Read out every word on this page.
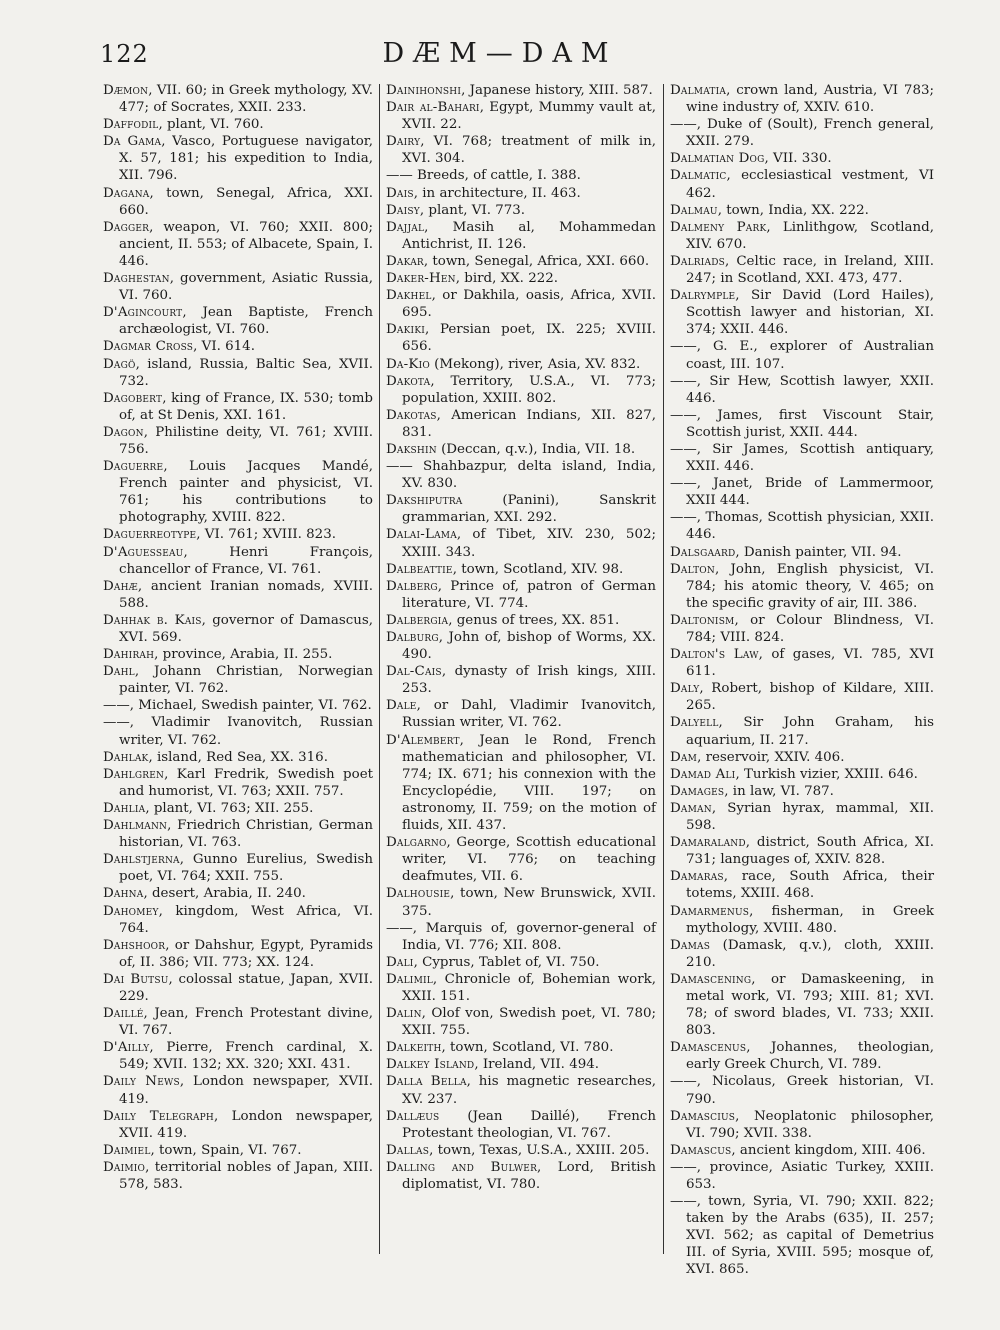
122	DÆM—DAM

Dæmon, VII. 60; in Greek mythology, XV. 477; of Socrates, XXII. 233.

Daffodil, plant, VI. 760.

Da Gama, Vasco, Portuguese navigator, X. 57, 181; his expedition to India, XII. 796.

Dagana, town, Senegal, Africa, XXI. 660.

Dagger, weapon, VI. 760; XXII. 800; ancient, II. 553; of Albacete, Spain, I. 446.

Daghestan, government, Asiatic Russia, VI. 760.

D'Agincourt, Jean Baptiste, French archæologist, VI. 760.

Dagmar Cross, VI. 614.

Dagö, island, Russia, Baltic Sea, XVII. 732.

Dagobert, king of France, IX. 530; tomb of, at St Denis, XXI. 161.

Dagon, Philistine deity, VI. 761; XVIII. 756.

Daguerre, Louis Jacques Mandé, French painter and physicist, VI. 761; his contributions to photography, XVIII. 822.

Daguerreotype, VI. 761; XVIII. 823.

D'Aguesseau, Henri François, chancellor of France, VI. 761.

Dahæ, ancient Iranian nomads, XVIII. 588.

Dahhak b. Kais, governor of Damascus, XVI. 569.

Dahirah, province, Arabia, II. 255.

Dahl, Johann Christian, Norwegian painter, VI. 762.

——, Michael, Swedish painter, VI. 762.

——, Vladimir Ivanovitch, Russian writer, VI. 762.

Dahlak, island, Red Sea, XX. 316.

Dahlgren, Karl Fredrik, Swedish poet and humorist, VI. 763; XXII. 757.

Dahlia, plant, VI. 763; XII. 255.

Dahlmann, Friedrich Christian, German historian, VI. 763.

Dahlstjerna, Gunno Eurelius, Swedish poet, VI. 764; XXII. 755.

Dahna, desert, Arabia, II. 240.

Dahomey, kingdom, West Africa, VI. 764.

Dahshoor, or Dahshur, Egypt, Pyramids of, II. 386; VII. 773; XX. 124.

Dai Butsu, colossal statue, Japan, XVII. 229.

Daillé, Jean, French Protestant divine, VI. 767.

D'Ailly, Pierre, French cardinal, X. 549; XVII. 132; XX. 320; XXI. 431.

Daily News, London newspaper, XVII. 419.

Daily Telegraph, London newspaper, XVII. 419.

Daimiel, town, Spain, VI. 767.

Daimio, territorial nobles of Japan, XIII. 578, 583.

Dainihonshi, Japanese history, XIII. 587.

Dair al-Bahari, Egypt, Mummy vault at, XVII. 22.

Dairy, VI. 768; treatment of milk in, XVI. 304.

—— Breeds, of cattle, I. 388.

Dais, in architecture, II. 463.

Daisy, plant, VI. 773.

Dajjal, Masih al, Mohammedan Antichrist, II. 126.

Dakar, town, Senegal, Africa, XXI. 660.

Daker-Hen, bird, XX. 222.

Dakhel, or Dakhila, oasis, Africa, XVII. 695.

Dakiki, Persian poet, IX. 225; XVIII. 656.

Da-Kio (Mekong), river, Asia, XV. 832.

Dakota, Territory, U.S.A., VI. 773; population, XXIII. 802.

Dakotas, American Indians, XII. 827, 831.

Dakshin (Deccan, q.v.), India, VII. 18.

—— Shahbazpur, delta island, India, XV. 830.

Dakshiputra (Panini), Sanskrit grammarian, XXI. 292.

Dalai-Lama, of Tibet, XIV. 230, 502; XXIII. 343.

Dalbeattie, town, Scotland, XIV. 98.

Dalberg, Prince of, patron of German literature, VI. 774.

Dalbergia, genus of trees, XX. 851.

Dalburg, John of, bishop of Worms, XX. 490.

Dal-Cais, dynasty of Irish kings, XIII. 253.

Dale, or Dahl, Vladimir Ivanovitch, Russian writer, VI. 762.

D'Alembert, Jean le Rond, French mathematician and philosopher, VI. 774; IX. 671; his connexion with the Encyclopédie, VIII. 197; on astronomy, II. 759; on the motion of fluids, XII. 437.

Dalgarno, George, Scottish educational writer, VI. 776; on teaching deafmutes, VII. 6.

Dalhousie, town, New Brunswick, XVII. 375.

——, Marquis of, governor-general of India, VI. 776; XII. 808.

Dali, Cyprus, Tablet of, VI. 750.

Dalimil, Chronicle of, Bohemian work, XXII. 151.

Dalin, Olof von, Swedish poet, VI. 780; XXII. 755.

Dalkeith, town, Scotland, VI. 780.

Dalkey Island, Ireland, VII. 494.

Dalla Bella, his magnetic researches, XV. 237.

Dallæus (Jean Daillé), French Protestant theologian, VI. 767.

Dallas, town, Texas, U.S.A., XXIII. 205.

Dalling and Bulwer, Lord, British diplomatist, VI. 780.

Dalmatia, crown land, Austria, VI 783; wine industry of, XXIV. 610.

——, Duke of (Soult), French general, XXII. 279.

Dalmatian Dog, VII. 330.

Dalmatic, ecclesiastical vestment, VI 462.

Dalmau, town, India, XX. 222.

Dalmeny Park, Linlithgow, Scotland, XIV. 670.

Dalriads, Celtic race, in Ireland, XIII. 247; in Scotland, XXI. 473, 477.

Dalrymple, Sir David (Lord Hailes), Scottish lawyer and historian, XI. 374; XXII. 446.

——, G. E., explorer of Australian coast, III. 107.

——, Sir Hew, Scottish lawyer, XXII. 446.

——, James, first Viscount Stair, Scottish jurist, XXII. 444.

——, Sir James, Scottish antiquary, XXII. 446.

——, Janet, Bride of Lammermoor, XXII 444.

——, Thomas, Scottish physician, XXII. 446.

Dalsgaard, Danish painter, VII. 94.

Dalton, John, English physicist, VI. 784; his atomic theory, V. 465; on the specific gravity of air, III. 386.

Daltonism, or Colour Blindness, VI. 784; VIII. 824.

Dalton's Law, of gases, VI. 785, XVI 611.

Daly, Robert, bishop of Kildare, XIII. 265.

Dalyell, Sir John Graham, his aquarium, II. 217.

Dam, reservoir, XXIV. 406.

Damad Ali, Turkish vizier, XXIII. 646.

Damages, in law, VI. 787.

Daman, Syrian hyrax, mammal, XII. 598.

Damaraland, district, South Africa, XI. 731; languages of, XXIV. 828.

Damaras, race, South Africa, their totems, XXIII. 468.

Damarmenus, fisherman, in Greek mythology, XVIII. 480.

Damas (Damask, q.v.), cloth, XXIII. 210.

Damascening, or Damaskeening, in metal work, VI. 793; XIII. 81; XVI. 78; of sword blades, VI. 733; XXII. 803.

Damascenus, Johannes, theologian, early Greek Church, VI. 789.

——, Nicolaus, Greek historian, VI. 790.

Damascius, Neoplatonic philosopher, VI. 790; XVII. 338.

Damascus, ancient kingdom, XIII. 406.

——, province, Asiatic Turkey, XXIII. 653.

——, town, Syria, VI. 790; XXII. 822; taken by the Arabs (635), II. 257; XVI. 562; as capital of Demetrius III. of Syria, XVIII. 595; mosque of, XVI. 865.
